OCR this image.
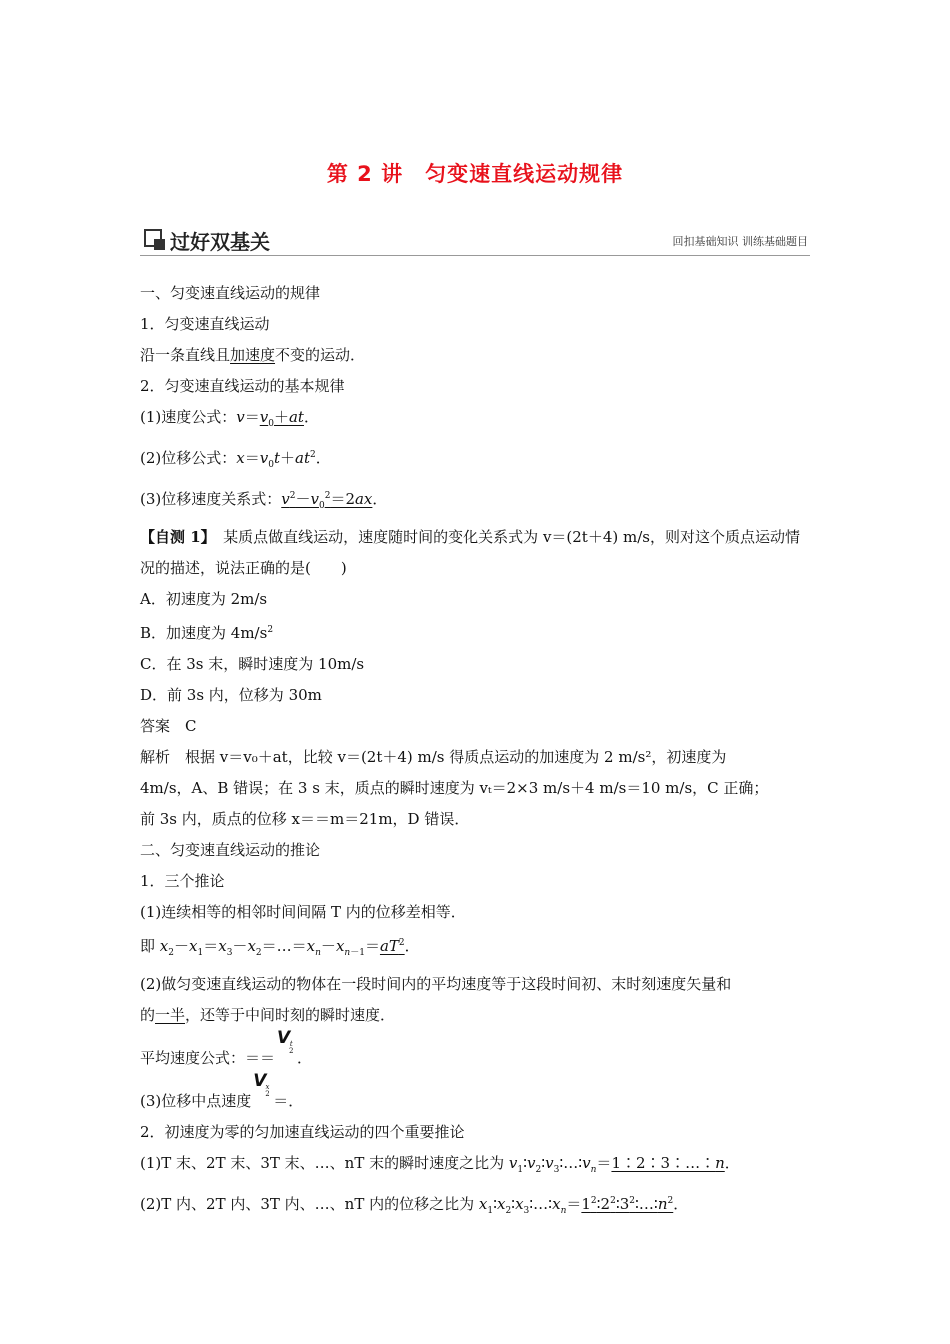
第 2 讲　匀变速直线运动规律
过好双基关	回扣基础知识 训练基础题目
一、匀变速直线运动的规律
1．匀变速直线运动
沿一条直线且加速度不变的运动．
2．匀变速直线运动的基本规律
(1)速度公式：$v=v_0+at$．
(2)位移公式：$x=v_0t+at^2$．
(3)位移速度关系式：$v^2-v_0^2=2ax$．
【自测 1】　某质点做直线运动，速度随时间的变化关系式为 v＝(2t＋4) m/s，则对这个质点运动情况的描述，说法正确的是(　　)
A．初速度为 2m/s
B．加速度为 $4m/s^2$
C．在 3s 末，瞬时速度为 10m/s
D．前 3s 内，位移为 30m
答案　C
解析　根据 v＝v₀＋at，比较 v＝(2t＋4) m/s 得质点运动的加速度为 2 m/s²，初速度为
4m/s，A、B 错误；在 3 s 末，质点的瞬时速度为 vₜ＝2×3 m/s＋4 m/s＝10 m/s，C 正确；
前 3s 内，质点的位移 x＝＝m＝21m，D 错误．
二、匀变速直线运动的推论
1．三个推论
(1)连续相等的相邻时间间隔 T 内的位移差相等．
即 $x_2-x_1=x_3-x_2=\dots=x_n-x_{n-1}=aT^2$．
(2)做匀变速直线运动的物体在一段时间内的平均速度等于这段时间初、末时刻速度矢量和
的一半，还等于中间时刻的瞬时速度．
平均速度公式：＝＝
V t
2 ．
(3)位移中点速度
V x
2 ＝．
2．初速度为零的匀加速直线运动的四个重要推论
(1)T 末、2T 末、3T 末、…、nT 末的瞬时速度之比为 $v_1∶v_2∶v_3∶\dots∶v_n=1∶2∶3∶\dots∶n$．
(2)T 内、2T 内、3T 内、…、nT 内的位移之比为 $x_1∶x_2∶x_3∶\dots∶x_n=1^2∶2^2∶3^2∶\dots∶n^2$．
